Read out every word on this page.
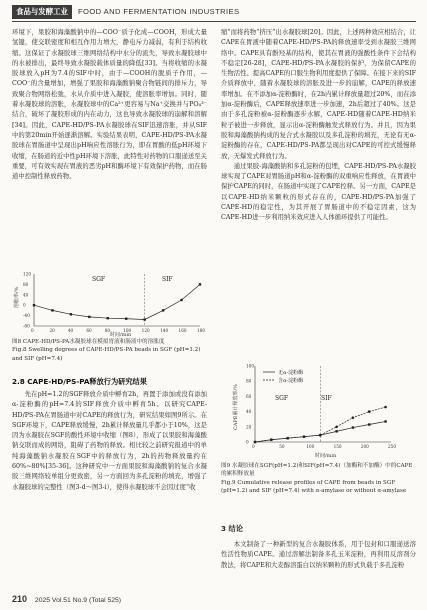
食品与发酵工业	FOOD AND FERMENTATION INDUSTRIES

环境下，果胶和海藻酸钠中的—COO⁻质子化成—COOH，形成大量氢键，使交联密度和相互作用力增大，静电斥力减弱，有利于结构收缩。这保证了水凝胶球三维网络结构中水分的流失，导致水凝胶球中的水被排出，最终导致水凝胶载体质量的降低[33]。当将收缩的水凝胶球放入pH为7.4的SIF中时，由于—COOH的脱质子作用，—COO⁻的含量增加，增强了果胶和海藻酸钠聚合物链间的排斥力，导致聚合物网络松弛，水从介质中进入凝胶，使溶胀率增加。同时，随着水凝胶球的溶胀，水凝胶球中的Ca²⁺更容易与Na⁺交换并与PO₄³⁻结合，破坏了凝胶形成的内在动力，这也导致水凝胶球的崩解和溶解[34]。因此，CAPE-HD/PS-PA水凝胶球在SIF迅速溶胀，并从SIF中的第20min开始逐渐溶解。实验结果表明，CAPE-HD/PS-PA水凝胶球在胃肠道中呈现出pH响应性溶胀行为，即在胃酸的低pH环境下收缩，在肠道的近中性pH环境下溶胀，此特性对药物的口服递送至关重要，可有效实现在胃液的恶劣pH和酶环境下有效保护药物，而在肠道中控制性释放药物。

SGF	SIF
溶胀率/%
时间/min
0	20	40	60	80	100 120 140 160 180
-80
-40
0
40
80
120
图8 CAPE-HD/PS-PA水凝胶球在模拟胃液和肠液中的溶胀度
Fig.8 Swelling degrees of CAPE-HD/PS-PA beads in SGF (pH=1.2) and SIF (pH=7.4)
2.8 CAPE-HD/PS-PA释放行为研究结果

先在pH=1.2的SGF释放介质中孵育2h，再置于添加或没有添加α-淀粉酶的pH=7.4的SIF释放介质中孵育5h。以研究CAPE-HD/PS-PA在胃肠道中对CAPE的释放行为，研究结果如图9所示。在SGF环境下，CAPE释放缓慢，2h累计释放量几乎都小于10%，这是因为水凝胶在SGF的酸性环境中收缩（图8），形成了以果胶和海藻酸钠交联而成的网络，阻碍了药物的释放。相比较之前研究报道中的单纯海藻酸钠水凝胶在SGF中的释放行为，2h的药物释放量约在60%~80%[35-36]。这种研究中一方面果胶和海藻酸钠的复合水凝胶三维网络较单组分更致密，另一方面回为多孔淀粉的填充，增强了水凝胶球的完整性（图3-d～图3-i），使得水凝胶球不会因过度“收

缩”而将药物“挤压”出水凝胶球[20]。因此，上述两种效应相结合，让CAPE在胃液中随着CAPE-HD/PS-PA的释放速率受到水凝胶三维网络中。CAPE具有酚羟基的结构，使其在胃液的强酸性条件下会结构不稳定[26-28]，CAPE-HD/PS-PA水凝胶的保护，为保留CAPE的生物活性、提高CAPE的口服生物利用度提供了保障。在接下来的SIF介质释放中，随着水凝胶球的溶胀及进一步的崩解，CAPE的释放速率增加。在不添加α-淀粉酶时，在2h内累计释放量超过20%，而在添加α-淀粉酶后，CAPE释放速率进一步加速，2h后超过了40%。这是由于多孔淀粉被α-淀粉酶逐步水解，CAPE-HD随着CAPE-HD纳米粒子被进一步释放，显示出α-淀粉酶触发式释放行为。并且，因为果胶和海藻酸钠构成的复合式水凝胶以及多孔淀粉的填充，无论有无α-淀粉酶的存在，CAPE-HD/PS-PA都呈现出对CAPE的可控式缓慢释放，无爆发式释放行为。

通过果胶-海藻酸钠和多孔淀粉的包埋，CAPE-HD/PS-PA水凝胶球实现了CAPE对胃肠道pH和α-淀粉酶的双重响应性释放，在胃液中保护CAPE的同时，在肠道中实现了CAPE控释。另一方面，CAPE是以CAPE-HD纳米颗粒的形式存在的，CAPE-HD/PS-PA加强了CAPE-HD的稳定性，为其开展了胃肠道中的不稳定因素，这为CAPE-HD进一步利用纳米效应进入人体循环提供了可能性。

SGF	SIF
CAPE累计释放率/%
时间/min
无α-淀粉酶
含α-淀粉酶
0	50	100	150	200	250
0
20
40
60
80
100
图9 水凝胶球在SGF(pH=1.2)和SIF(pH=7.4)（加酶和不加酶）中的CAPE的累积释放量
Fig.9 Cumulative release profiles of CAPE from beads in SGF (pH=1.2) and SIF (pH=7.4) with α-amylase or without α-amylase
3 结论

本文制备了一种新型的复合水凝胶体系，用于包封和口服递送溶性活性物质CAPE。通过溶解法制备多孔玉米淀粉，再利用反溶剂分散法，将CAPE和大麦醇溶蛋白以纳米颗粒的形式负载于多孔淀粉

210 2025 Vol.51 No.9 (Total 525)
